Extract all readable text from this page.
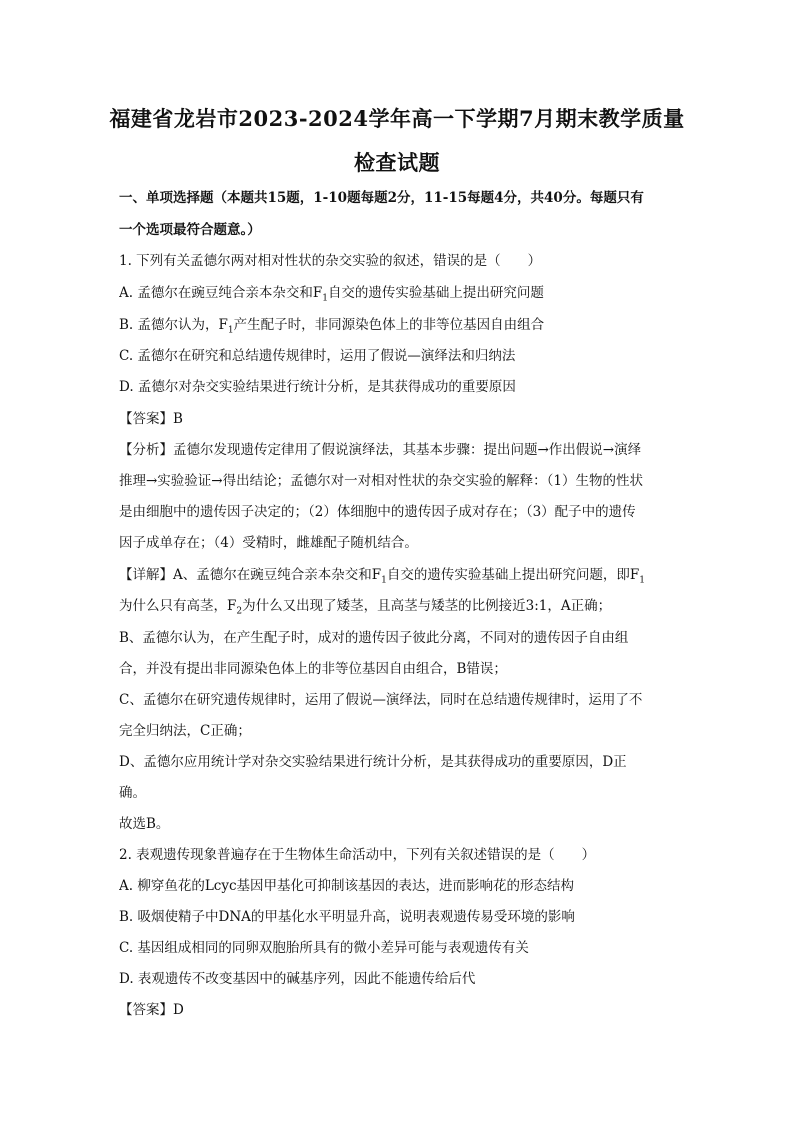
福建省龙岩市2023-2024学年高一下学期7月期末教学质量
检查试题
一、单项选择题（本题共15题，1-10题每题2分，11-15每题4分，共40分。每题只有
一个选项最符合题意。）
1. 下列有关孟德尔两对相对性状的杂交实验的叙述，错误的是（　　）
A. 孟德尔在豌豆纯合亲本杂交和$F_1$自交的遗传实验基础上提出研究问题
B. 孟德尔认为，$F_1$产生配子时，非同源染色体上的非等位基因自由组合
C. 孟德尔在研究和总结遗传规律时，运用了假说—演绎法和归纳法
D. 孟德尔对杂交实验结果进行统计分析，是其获得成功的重要原因
【答案】B
【分析】孟德尔发现遗传定律用了假说演绎法，其基本步骤：提出问题→作出假说→演绎
推理→实验验证→得出结论；孟德尔对一对相对性状的杂交实验的解释：（1）生物的性状
是由细胞中的遗传因子决定的；（2）体细胞中的遗传因子成对存在；（3）配子中的遗传
因子成单存在；（4）受精时，雌雄配子随机结合。
【详解】A、孟德尔在豌豆纯合亲本杂交和$F_1$自交的遗传实验基础上提出研究问题，即$F_1$
为什么只有高茎，$F_2$为什么又出现了矮茎，且高茎与矮茎的比例接近3:1，A正确；
B、孟德尔认为，在产生配子时，成对的遗传因子彼此分离，不同对的遗传因子自由组
合，并没有提出非同源染色体上的非等位基因自由组合，B错误；
C、孟德尔在研究遗传规律时，运用了假说—演绎法，同时在总结遗传规律时，运用了不
完全归纳法，C正确；
D、孟德尔应用统计学对杂交实验结果进行统计分析，是其获得成功的重要原因，D正
确。
故选B。
2. 表观遗传现象普遍存在于生物体生命活动中，下列有关叙述错误的是（　　）
A. 柳穿鱼花的Lcyc基因甲基化可抑制该基因的表达，进而影响花的形态结构
B. 吸烟使精子中DNA的甲基化水平明显升高，说明表观遗传易受环境的影响
C. 基因组成相同的同卵双胞胎所具有的微小差异可能与表观遗传有关
D. 表观遗传不改变基因中的碱基序列，因此不能遗传给后代
【答案】D
